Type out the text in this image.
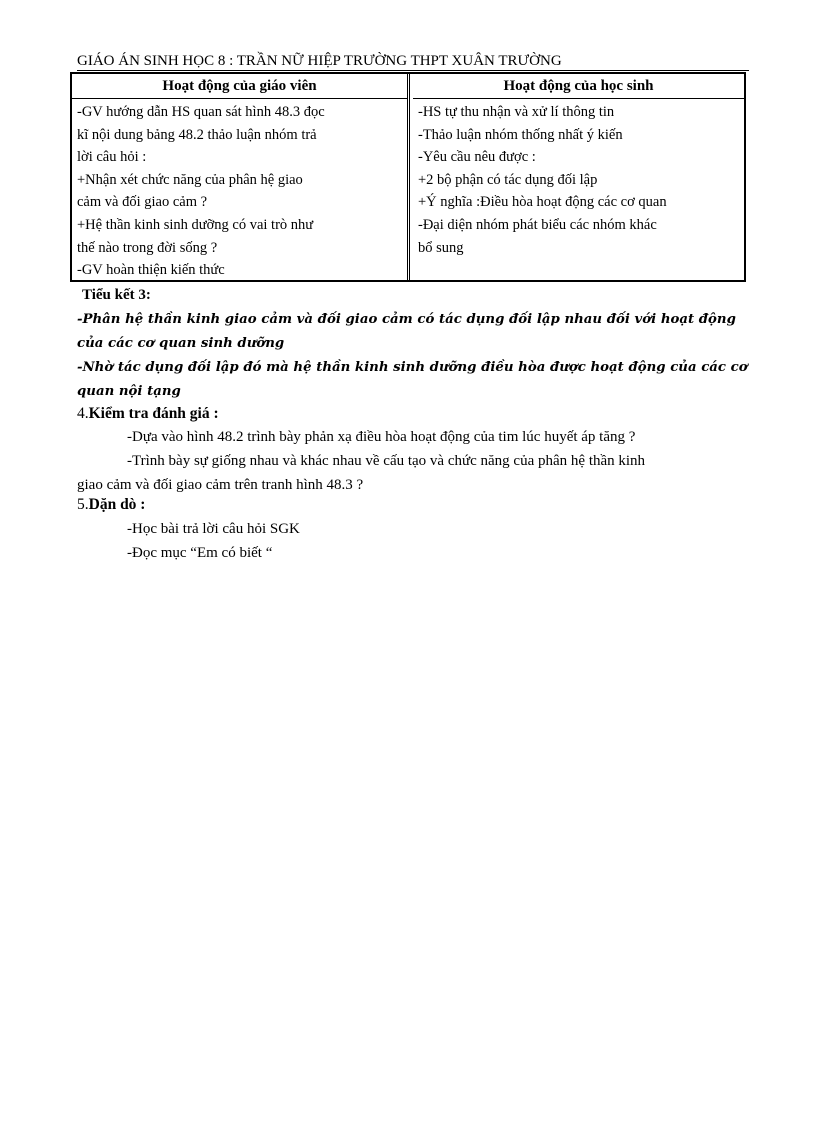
GIÁO ÁN SINH HỌC 8 : TRẦN NỮ HIỆP TRƯỜNG THPT XUÂN TRƯỜNG
Hoạt động của giáo viên
-GV hướng dẫn HS quan sát hình 48.3 đọc
kĩ nội dung bảng 48.2 thảo luận nhóm trả
lời câu hỏi :
+Nhận xét chức năng của phân hệ giao
cảm và đối giao cảm ?
+Hệ thần kinh sinh dưỡng có vai trò như
thế nào trong đời sống ?
-GV hoàn thiện kiến thức
Hoạt động của học sinh
-HS tự thu nhận và xử lí thông tin
-Thảo luận nhóm thống nhất ý kiến
-Yêu cầu nêu được :
+2 bộ phận có tác dụng đối lập
+Ý nghĩa :Điều hòa hoạt động các cơ quan
-Đại diện nhóm phát biểu các nhóm khác
bổ sung
Tiểu kết 3:
-Phân hệ thần kinh giao cảm và đối giao cảm có tác dụng đối lập nhau đối với hoạt động
của các cơ quan sinh dưỡng
-Nhờ tác dụng đối lập đó mà hệ thần kinh sinh dưỡng điều hòa được hoạt động của các cơ
quan nội tạng
4.Kiểm tra đánh giá :
-Dựa vào hình 48.2 trình bày phản xạ điều hòa hoạt động của tim lúc huyết áp tăng ?
-Trình bày sự giống nhau và khác nhau về cấu tạo và chức năng của phân hệ thần kinh
giao cảm và đối giao cảm trên tranh hình 48.3 ?
5.Dặn dò :
-Học bài trả lời câu hỏi SGK
-Đọc mục “Em có biết “
